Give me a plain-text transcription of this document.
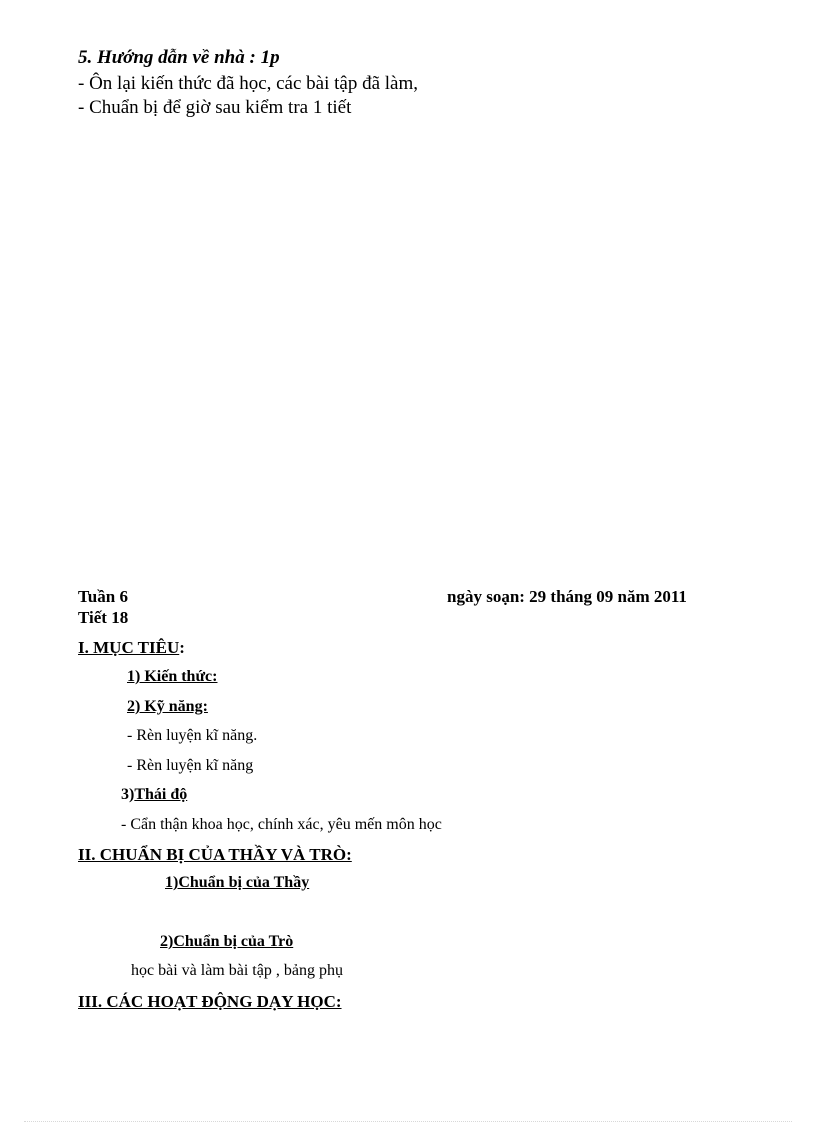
5. Hướng dẫn về nhà : 1p
- Ôn lại kiến thức đã học, các bài tập đã làm,
- Chuẩn bị để giờ sau kiểm tra 1 tiết
Tuần 6	ngày soạn: 29 tháng 09 năm 2011
Tiết 18
I. MỤC TIÊU:
1) Kiến thức:
2) Kỹ năng:
- Rèn luyện kĩ năng.
- Rèn luyện kĩ năng
3)Thái độ
- Cẩn thận khoa học, chính xác, yêu mến môn học
II. CHUẨN BỊ CỦA THẦY VÀ TRÒ:
1)Chuẩn bị của Thầy
2)Chuẩn bị của Trò
học bài và làm bài tập , bảng phụ
III. CÁC HOẠT ĐỘNG DẠY HỌC:
